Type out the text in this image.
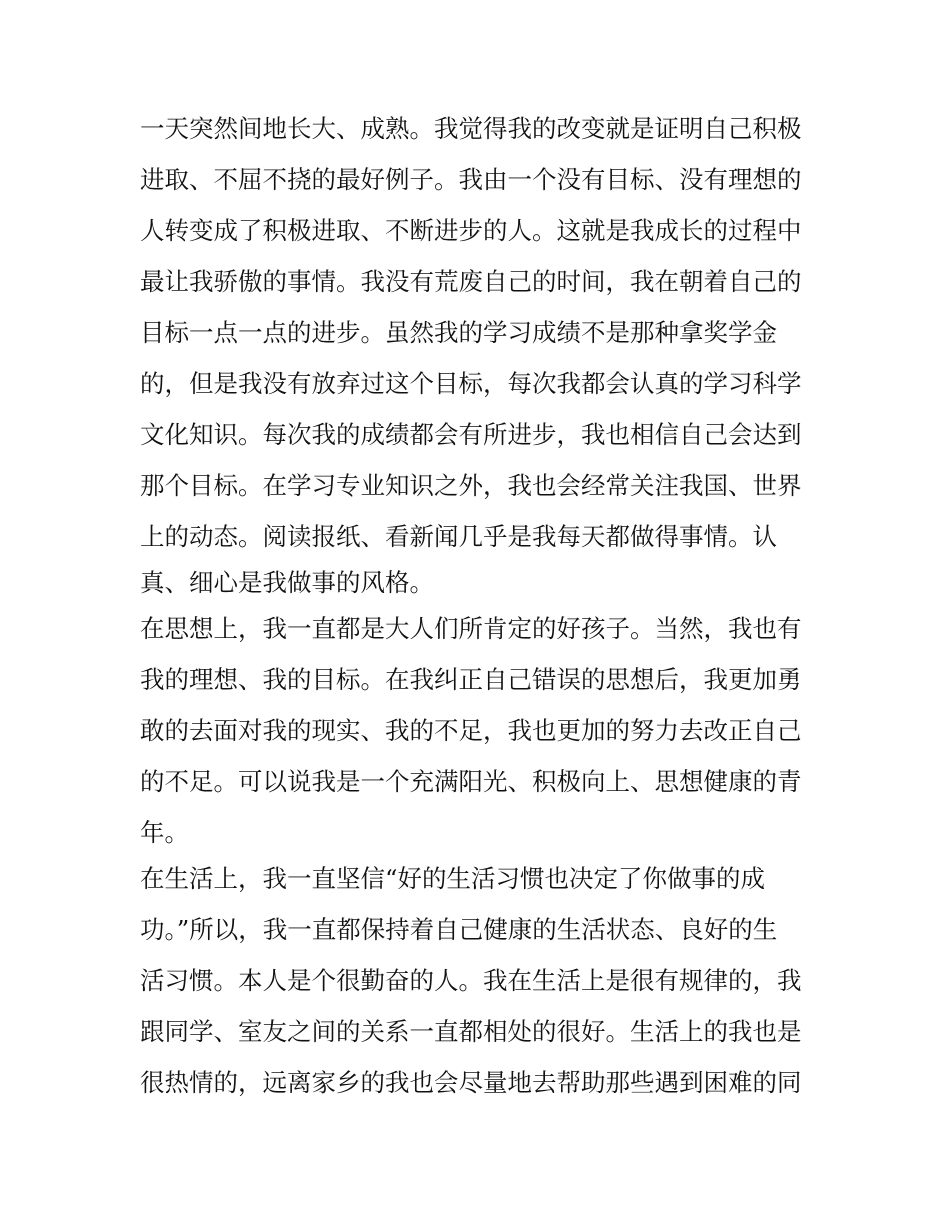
一天突然间地长大、成熟。我觉得我的改变就是证明自己积极
进取、不屈不挠的最好例子。我由一个没有目标、没有理想的
人转变成了积极进取、不断进步的人。这就是我成长的过程中
最让我骄傲的事情。我没有荒废自己的时间，我在朝着自己的
目标一点一点的进步。虽然我的学习成绩不是那种拿奖学金
的，但是我没有放弃过这个目标，每次我都会认真的学习科学
文化知识。每次我的成绩都会有所进步，我也相信自己会达到
那个目标。在学习专业知识之外，我也会经常关注我国、世界
上的动态。阅读报纸、看新闻几乎是我每天都做得事情。认
真、细心是我做事的风格。
在思想上，我一直都是大人们所肯定的好孩子。当然，我也有
我的理想、我的目标。在我纠正自己错误的思想后，我更加勇
敢的去面对我的现实、我的不足，我也更加的努力去改正自己
的不足。可以说我是一个充满阳光、积极向上、思想健康的青
年。
在生活上，我一直坚信“好的生活习惯也决定了你做事的成
功。”所以，我一直都保持着自己健康的生活状态、良好的生
活习惯。本人是个很勤奋的人。我在生活上是很有规律的，我
跟同学、室友之间的关系一直都相处的很好。生活上的我也是
很热情的，远离家乡的我也会尽量地去帮助那些遇到困难的同
